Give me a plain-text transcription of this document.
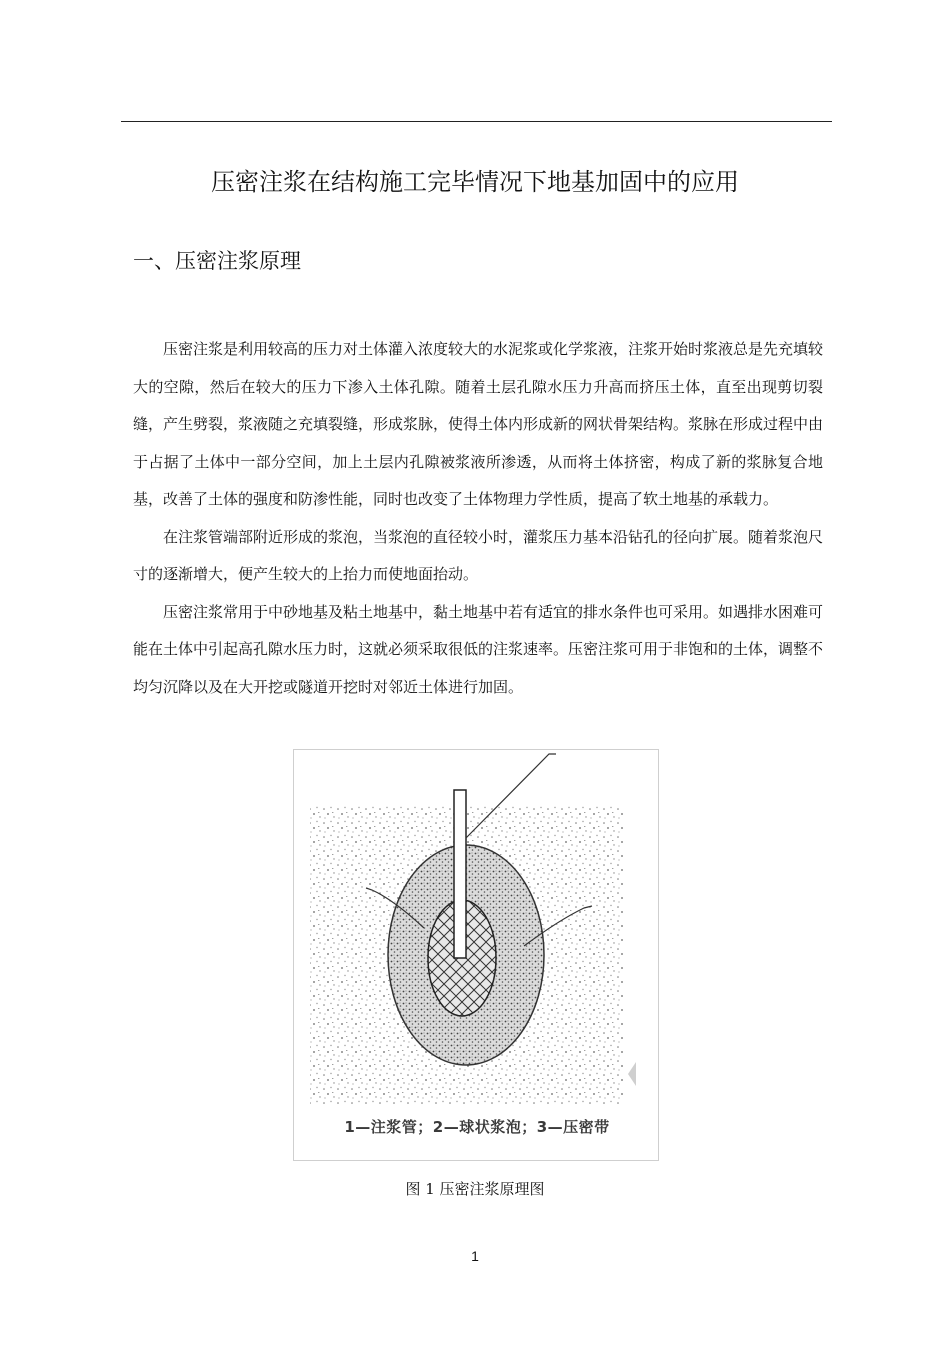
压密注浆在结构施工完毕情况下地基加固中的应用
一、压密注浆原理

压密注浆是利用较高的压力对土体灌入浓度较大的水泥浆或化学浆液，注浆开始时浆液总是先充填较大的空隙，然后在较大的压力下渗入土体孔隙。随着土层孔隙水压力升高而挤压土体，直至出现剪切裂缝，产生劈裂，浆液随之充填裂缝，形成浆脉，使得土体内形成新的网状骨架结构。浆脉在形成过程中由于占据了土体中一部分空间，加上土层内孔隙被浆液所渗透，从而将土体挤密，构成了新的浆脉复合地基，改善了土体的强度和防渗性能，同时也改变了土体物理力学性质，提高了软土地基的承载力。

在注浆管端部附近形成的浆泡，当浆泡的直径较小时，灌浆压力基本沿钻孔的径向扩展。随着浆泡尺寸的逐渐增大，便产生较大的上抬力而使地面抬动。

压密注浆常用于中砂地基及粘土地基中，黏土地基中若有适宜的排水条件也可采用。如遇排水困难可能在土体中引起高孔隙水压力时，这就必须采取很低的注浆速率。压密注浆可用于非饱和的土体，调整不均匀沉降以及在大开挖或隧道开挖时对邻近土体进行加固。

1—注浆管；2—球状浆泡；3—压密带
图 1 压密注浆原理图
1
